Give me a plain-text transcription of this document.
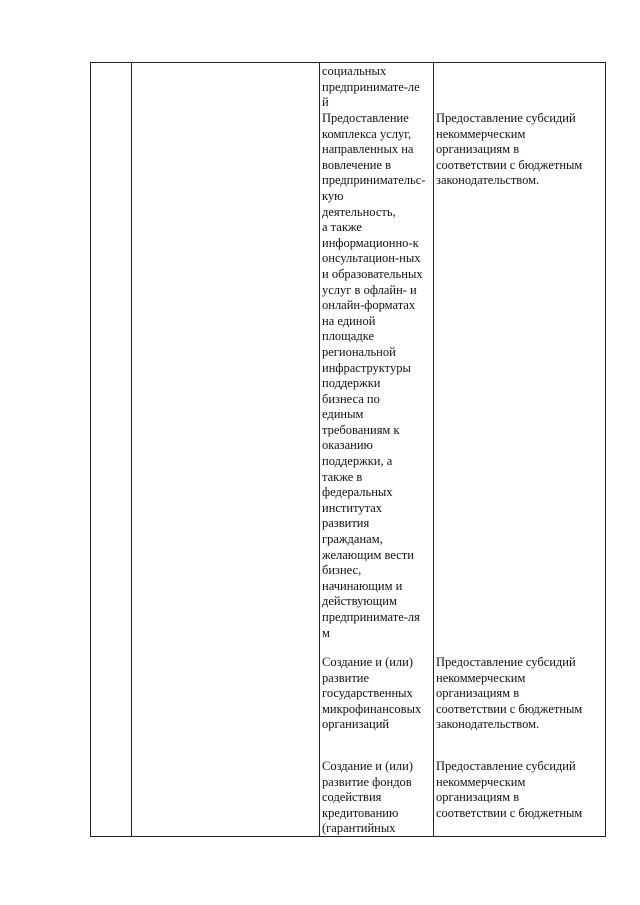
социальных
предпринимате-ле
й
Предоставление
комплекса услуг,
направленных на
вовлечение в
предпринимательс-
кую
деятельность,
а также
информационно-к
онсультацион-ных
и образовательных
услуг в офлайн- и
онлайн-форматах
на единой
площадке
региональной
инфраструктуры
поддержки
бизнеса по
единым
требованиям к
оказанию
поддержки, а
также в
федеральных
институтах
развития
гражданам,
желающим вести
бизнес,
начинающим и
действующим
предпринимате-ля
м
Предоставление субсидий
некоммерческим
организациям в
соответствии с бюджетным
законодательством.
Создание и (или)
развитие
государственных
микрофинансовых
организаций
Предоставление субсидий
некоммерческим
организациям в
соответствии с бюджетным
законодательством.
Создание и (или)
развитие фондов
содействия
кредитованию
(гарантийных
Предоставление субсидий
некоммерческим
организациям в
соответствии с бюджетным
